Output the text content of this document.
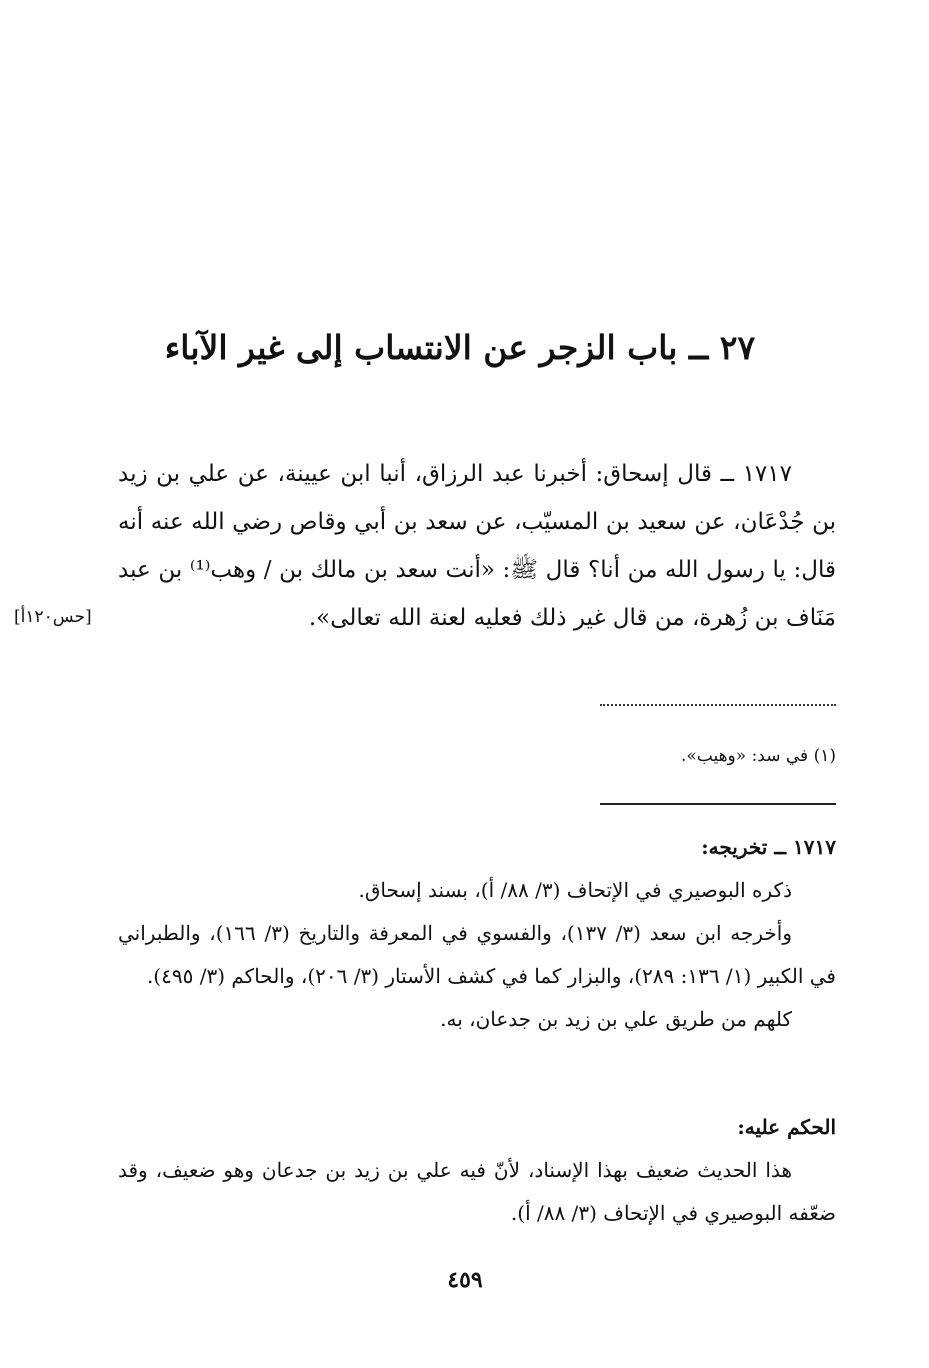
٢٧ ــ باب الزجر عن الانتساب إلى غير الآباء

١٧١٧ ــ قال إسحاق: أخبرنا عبد الرزاق، أنبا ابن عيينة، عن علي بن زيد بن جُدْعَان، عن سعيد بن المسيّب، عن سعد بن أبي وقاص رضي الله عنه أنه قال: يا رسول الله من أنا؟ قال ﷺ: «أنت سعد بن مالك بن / وهب⁽¹⁾ بن عبد مَنَاف بن زُهرة، من قال غير ذلك فعليه لعنة الله تعالى».

[حس١٢٠أ]
(١) في سد: «وهيب».

١٧١٧ ــ تخريجه:

ذكره البوصيري في الإتحاف (٣/ ٨٨/ أ)، بسند إسحاق.

وأخرجه ابن سعد (٣/ ١٣٧)، والفسوي في المعرفة والتاريخ (٣/ ١٦٦)، والطبراني في الكبير (١/ ١٣٦: ٢٨٩)، والبزار كما في كشف الأستار (٣/ ٢٠٦)، والحاكم (٣/ ٤٩٥).

كلهم من طريق علي بن زيد بن جدعان، به.

الحكم عليه:

هذا الحديث ضعيف بهذا الإسناد، لأنّ فيه علي بن زيد بن جدعان وهو ضعيف، وقد ضعّفه البوصيري في الإتحاف (٣/ ٨٨/ أ).

٤٥٩
